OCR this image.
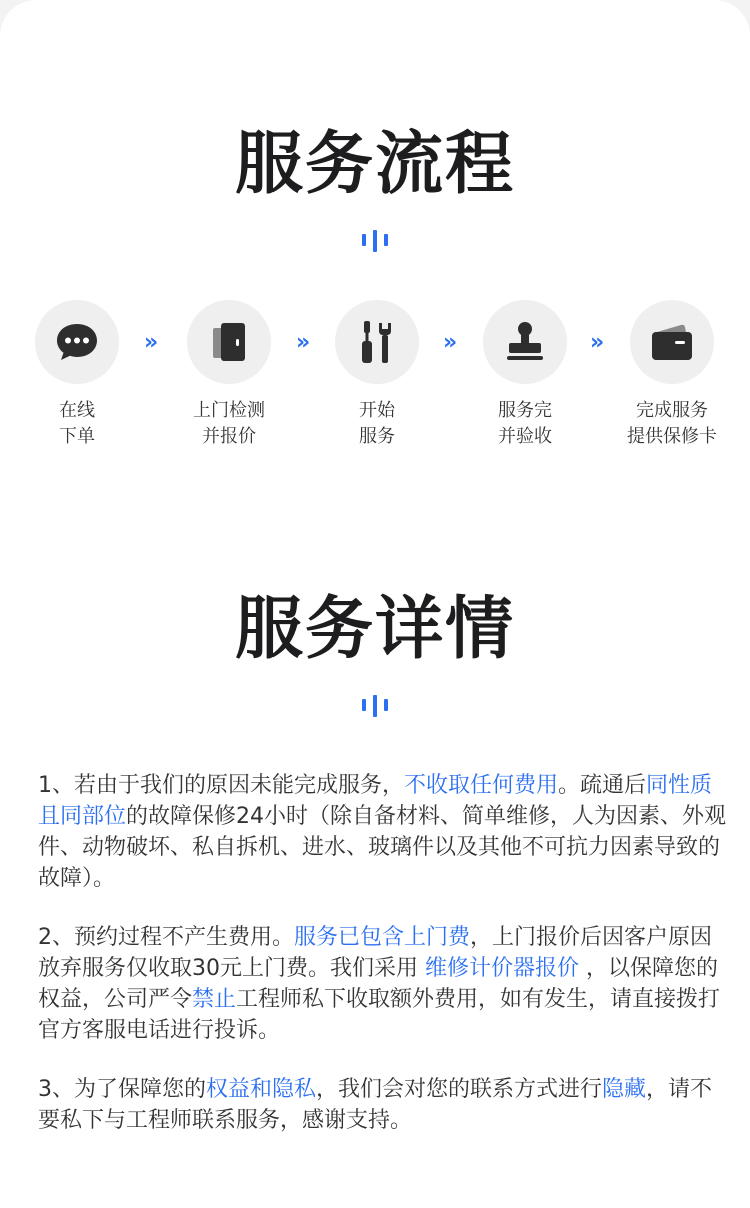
服务流程
在线
下单
»
上门检测
并报价
»
开始
服务
»
服务完
并验收
»
完成服务
提供保修卡
服务详情
1、若由于我们的原因未能完成服务，不收取任何费用。疏通后同性质且同部位的故障保修24小时（除自备材料、简单维修，人为因素、外观件、动物破坏、私自拆机、进水、玻璃件以及其他不可抗力因素导致的故障）。
2、预约过程不产生费用。服务已包含上门费，上门报价后因客户原因放弃服务仅收取30元上门费。我们采用 维修计价器报价 ，以保障您的权益，公司严令禁止工程师私下收取额外费用，如有发生，请直接拨打官方客服电话进行投诉。
3、为了保障您的权益和隐私，我们会对您的联系方式进行隐藏，请不要私下与工程师联系服务，感谢支持。
